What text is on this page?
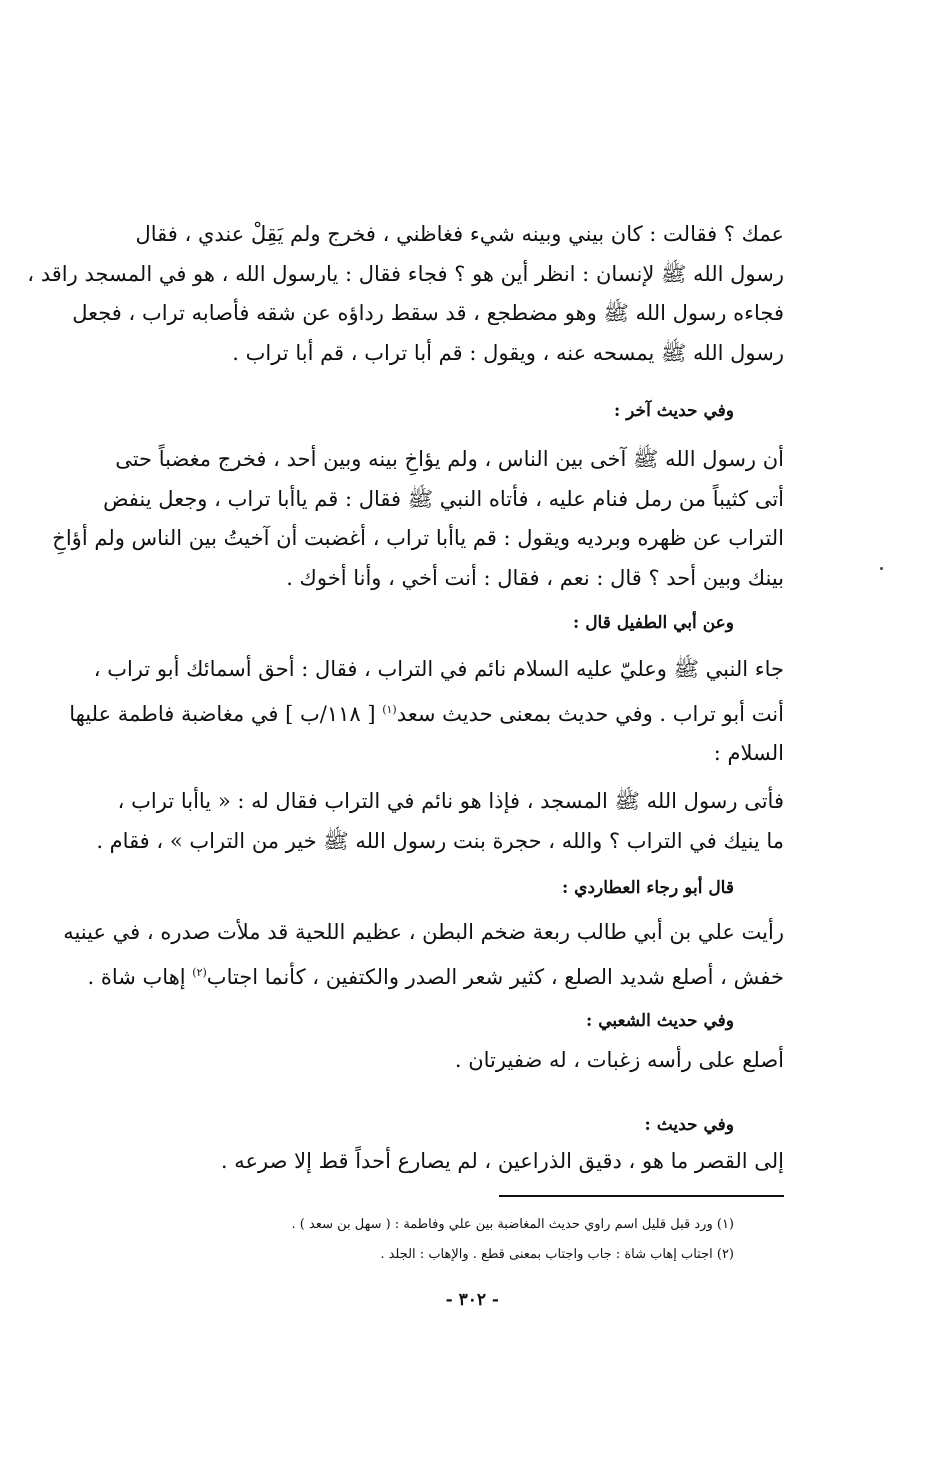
عمك ؟ فقالت : كان بيني وبينه شيء فغاظني ، فخرج ولم يَقِلْ عندي ، فقال
رسول الله ﷺ لإنسان : انظر أين هو ؟ فجاء فقال : يارسول الله ، هو في المسجد راقد ،
فجاءه رسول الله ﷺ وهو مضطجع ، قد سقط رداؤه عن شقه فأصابه تراب ، فجعل
رسول الله ﷺ يمسحه عنه ، ويقول : قم أبا تراب ، قم أبا تراب .

وفي حديث آخر :

أن رسول الله ﷺ آخى بين الناس ، ولم يؤاخِ بينه وبين أحد ، فخرج مغضباً حتى
أتى كثيباً من رمل فنام عليه ، فأتاه النبي ﷺ فقال : قم ياأبا تراب ، وجعل ينفض
التراب عن ظهره وبرديه ويقول : قم ياأبا تراب ، أغضبت أن آخيتُ بين الناس ولم أؤاخِ
بينك وبين أحد ؟ قال : نعم ، فقال : أنت أخي ، وأنا أخوك .

وعن أبي الطفيل قال :

جاء النبي ﷺ وعليّ عليه السلام نائم في التراب ، فقال : أحق أسمائك أبو تراب ،
أنت أبو تراب . وفي حديث بمعنى حديث سعد$^{(١)}$ [ ١١٨/ب ] في مغاضبة فاطمة عليها
السلام :

فأتى رسول الله ﷺ المسجد ، فإذا هو نائم في التراب فقال له : « ياأبا تراب ،
ما ينيك في التراب ؟ والله ، حجرة بنت رسول الله ﷺ خير من التراب » ، فقام .

قال أبو رجاء العطاردي :

رأيت علي بن أبي طالب ربعة ضخم البطن ، عظيم اللحية قد ملأت صدره ، في عينيه
خفش ، أصلع شديد الصلع ، كثير شعر الصدر والكتفين ، كأنما اجتاب$^{(٢)}$ إهاب شاة .

وفي حديث الشعبي :

أصلع على رأسه زغبات ، له ضفيرتان .

وفي حديث :

إلى القصر ما هو ، دقيق الذراعين ، لم يصارع أحداً قط إلا صرعه .

(١) ورد قبل قليل اسم راوي حديث المغاضبة بين علي وفاطمة : ( سهل بن سعد ) .
(٢) اجتاب إهاب شاة : جاب واجتاب بمعنى قطع . والإهاب : الجلد .
- ٣٠٢ -
